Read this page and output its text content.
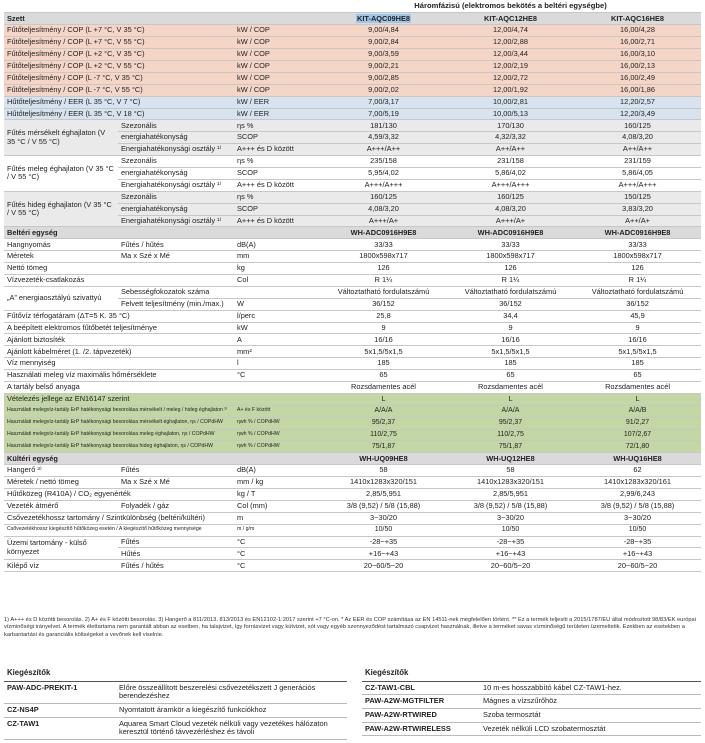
			Háromfázisú (elektromos bekötés a beltéri egységbe)		
Szett			KIT-AQC09HE8	KIT-AQC12HE8	KIT-AQC16HE8
Fűtőteljesítmény / COP (L +7 °C, V 35 °C)		kW / COP	9,00/4,84	12,00/4,74	16,00/4,28
Fűtőteljesítmény / COP (L +7 °C, V 55 °C)		kW / COP	9,00/2,84	12,00/2,88	16,00/2,71
Fűtőteljesítmény / COP (L +2 °C, V 35 °C)		kW / COP	9,00/3,59	12,00/3,44	16,00/3,10
Fűtőteljesítmény / COP (L +2 °C, V 55 °C)		kW / COP	9,00/2,21	12,00/2,19	16,00/2,13
Fűtőteljesítmény / COP (L -7 °C, V 35 °C)		kW / COP	9,00/2,85	12,00/2,72	16,00/2,49
Fűtőteljesítmény / COP (L -7 °C, V 55 °C)		kW / COP	9,00/2,02	12,00/1,92	16,00/1,86
Hűtőteljesítmény / EER (L 35 °C, V 7 °C)		kW / EER	7,00/3,17	10,00/2,81	12,20/2,57
Hűtőteljesítmény / EER (L 35 °C, V 18 °C)		kW / EER	7,00/5,19	10,00/5,13	12,20/3,49
Fűtés mérsékelt éghajlaton (V 35 °C / V 55 °C)	Szezonális	ηs %	181/130	170/130	160/125
	energiahatékonyság	SCOP	4,59/3,32	4,32/3,32	4,08/3,20
	Energiahatékonysági osztály ¹⁾	A+++ és D között	A+++/A++	A++/A++	A++/A++
Fűtés meleg éghajlaton (V 35 °C / V 55 °C)	Szezonális	ηs %	235/158	231/158	231/159
	energiahatékonyság	SCOP	5,95/4,02	5,86/4,02	5,86/4,05
	Energiahatékonysági osztály ¹⁾	A+++ és D között	A+++/A+++	A+++/A+++	A+++/A+++
Fűtés hideg éghajlaton (V 35 °C / V 55 °C)	Szezonális	ηs %	160/125	160/125	150/125
	energiahatékonyság	SCOP	4,08/3,20	4,08/3,20	3,83/3,20
	Energiahatékonysági osztály ¹⁾	A+++ és D között	A+++/A+	A+++/A+	A++/A+
Beltéri egység			WH-ADC0916H9E8	WH-ADC0916H9E8	WH-ADC0916H9E8
Hangnyomás	Fűtés / hűtés	dB(A)	33/33	33/33	33/33
Méretek	Ma x Szé x Mé	mm	1800x598x717	1800x598x717	1800x598x717
Nettó tömeg		kg	126	126	126
Vízvezeték-csatlakozás		Col	R 1¼	R 1¼	R 1¼
„A” energiaosztályú szivattyú	Sebességfokozatok száma		Változtatható fordulatszámú	Változtatható fordulatszámú	Változtatható fordulatszámú
	Felvett teljesítmény (min./max.)	W	36/152	36/152	36/152
Fűtővíz térfogatáram (ΔT=5 K. 35 °C)		l/perc	25,8	34,4	45,9
A beépített elektromos fűtőbetét teljesítménye		kW	9	9	9
Ajánlott biztosíték		A	16/16	16/16	16/16
Ajánlott kábelméret (1. /2. tápvezeték)		mm²	5x1,5/5x1,5	5x1,5/5x1,5	5x1,5/5x1,5
Víz mennyiség		l	185	185	185
Használati meleg víz maximális hőmérséklete		°C	65	65	65
A tartály belső anyaga			Rozsdamentes acél	Rozsdamentes acél	Rozsdamentes acél
Vételezés jellege az EN16147 szerint			L	L	L
Használati melegvíz-tartály ErP hatékonysági besorolása mérsékelt / meleg / hideg éghajlaton ²⁾		A+ és F között	A/A/A	A/A/A	A/A/B
Használati melegvíz-tartály ErP hatékonysági besorolása mérsékelt éghajlaton, ηs / COPdHW		ηwh % / COPdHW	95/2,37	95/2,37	91/2,27
Használati melegvíz-tartály ErP hatékonysági besorolása meleg éghajlaton, ηs / COPdHW		ηwh % / COPdHW	110/2,75	110/2,75	107/2,67
Használati melegvíz-tartály ErP hatékonysági besorolása hideg éghajlaton, ηs / COPdHW		ηwh % / COPdHW	75/1,87	75/1,87	72/1,80
Kültéri egység			WH-UQ09HE8	WH-UQ12HE8	WH-UQ16HE8
Hangerő ³⁾	Fűtés	dB(A)	58	58	62
Méretek / nettó tömeg	Ma x Szé x Mé	mm / kg	1410x1283x320/151	1410x1283x320/151	1410x1283x320/161
Hűtőközeg (R410A) / CO₂ egyenérték		kg / T	2,85/5,951	2,85/5,951	2,99/6,243
Vezeték átmérő	Folyadék / gáz	Col (mm)	3/8 (9,52) / 5/8 (15,88)	3/8 (9,52) / 5/8 (15,88)	3/8 (9,52) / 5/8 (15,88)
Csővezetékhossz tartomány / Szintkülönbség (beltéri/kültéri)		m	3~30/20	3~30/20	3~30/20
Csővezetékhossz kiegészítő hűtőközeg esetén / A kiegészítő hűtőközeg mennyisége		m / g/m	10/50	10/50	10/50
Üzemi tartomány - külső környezet	Fűtés	°C	-28~+35	-28~+35	-28~+35
	Hűtés	°C	+16~+43	+16~+43	+16~+43
Kilépő víz	Fűtés / hűtés	°C	20~60/5~20	20~60/5~20	20~60/5~20
1) A+++ és D közötti besorolás. 2) A+ és F közötti besorolás. 3) Hangerő a 811/2013, 813/2013 és EN12102-1:2017 szerint +7 °C-on. * Az EER és COP számítása az EN 14511-nek megfelelően történt. ** Ez a termék teljesíti a 2015/1787/EU által módosított 98/83/EK európai vízminőségi irányelvet. A termék élettartama nem garantált abban az esetben, ha talajvizet, így forrásvizet vagy kútvizet, sót vagy egyéb szennyeződést tartalmazó csapvizet használnak, illetve a terméket savas vízminőségű területen üzemeltetik. Ezekben az esetekben a karbantartási és garanciális költségeket a vevőnek kell viselnie.
Kiegészítők	
PAW-ADC-PREKIT-1	Előre összeállított beszerelési csővezetékszett J generációs berendezéshez
CZ-NS4P	Nyomtatott áramkör a kiegészítő funkciókhoz
CZ-TAW1	Aquarea Smart Cloud vezeték nélküli vagy vezetékes hálózaton keresztül történő távvezérléshez és távoli
Kiegészítők	
CZ-TAW1-CBL	10 m-es hosszabbító kábel CZ-TAW1-hez.
PAW-A2W-MGTFILTER	Mágnes a vízszűrőhöz
PAW-A2W-RTWIRED	Szoba termosztát
PAW-A2W-RTWIRELESS	Vezeték nélküli LCD szobatermosztát
